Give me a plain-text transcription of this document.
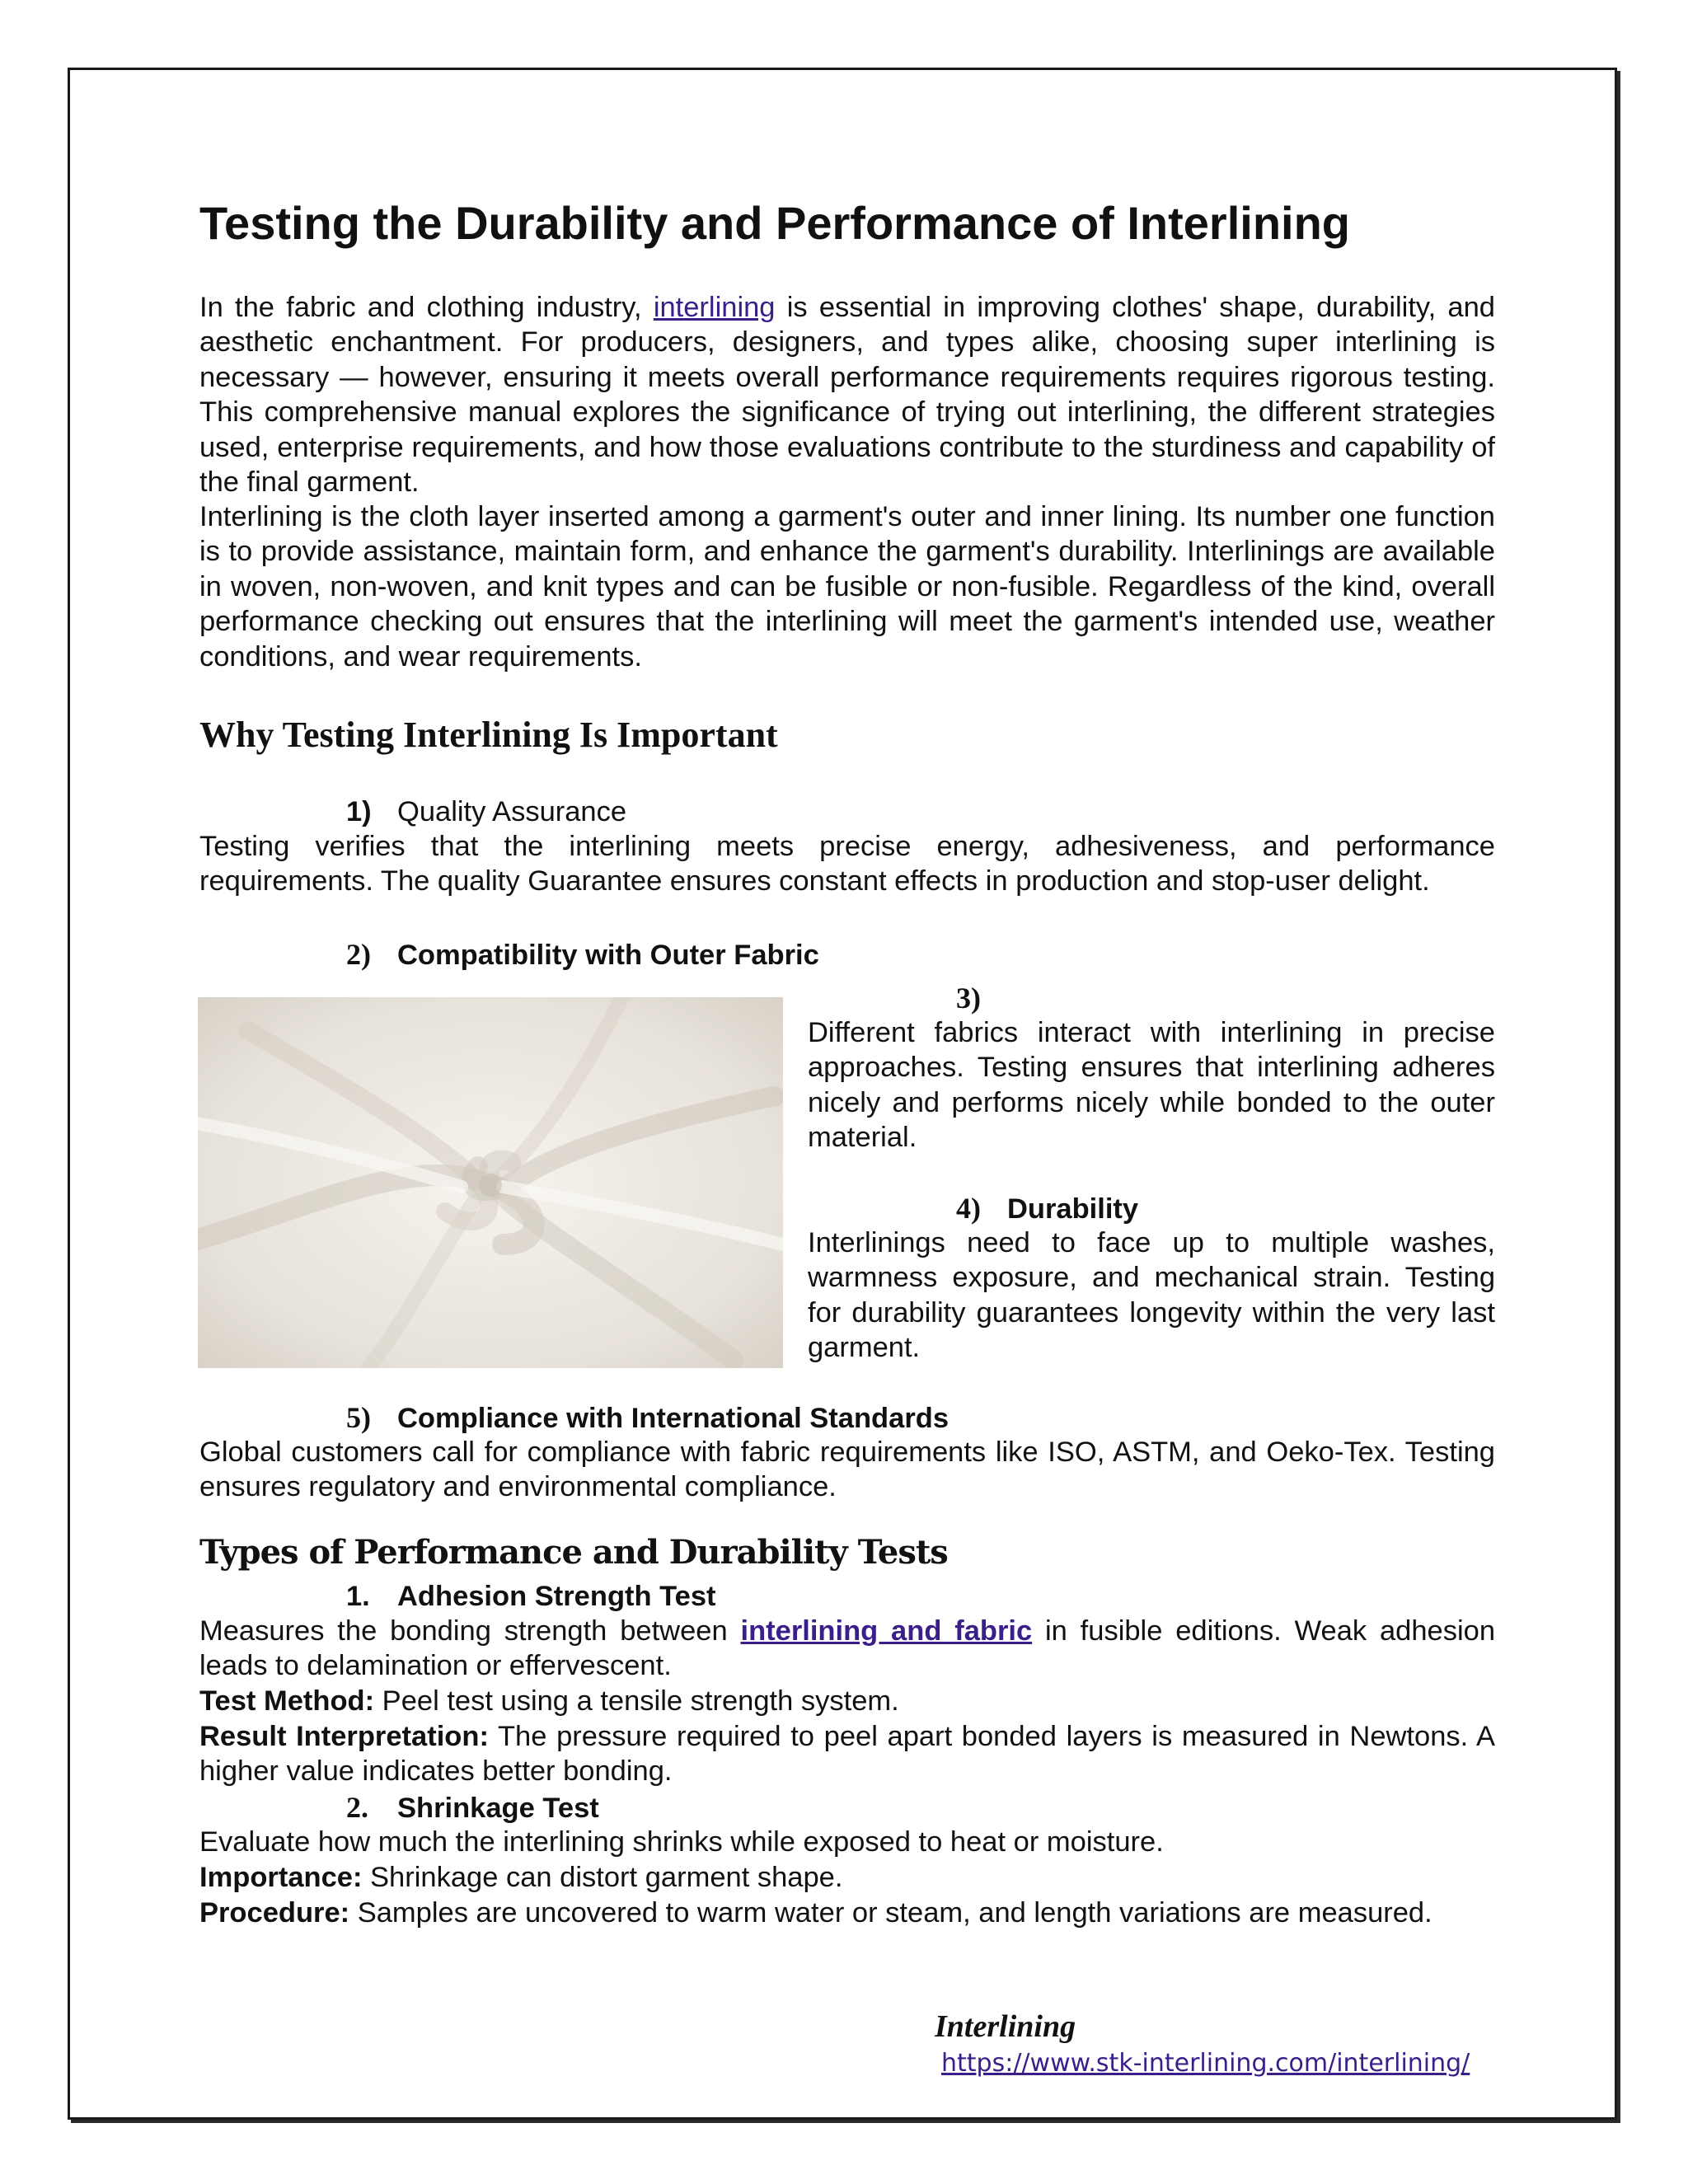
Testing the Durability and Performance of Interlining

In the fabric and clothing industry, interlining is essential in improving clothes' shape, durability, and aesthetic enchantment. For producers, designers, and types alike, choosing super interlining is necessary — however, ensuring it meets overall performance requirements requires rigorous testing. This comprehensive manual explores the significance of trying out interlining, the different strategies used, enterprise requirements, and how those evaluations contribute to the sturdiness and capability of the final garment.

Interlining is the cloth layer inserted among a garment's outer and inner lining. Its number one function is to provide assistance, maintain form, and enhance the garment's durability. Interlinings are available in woven, non-woven, and knit types and can be fusible or non-fusible. Regardless of the kind, overall performance checking out ensures that the interlining will meet the garment's intended use, weather conditions, and wear requirements.

Why Testing Interlining Is Important
1) Quality Assurance

Testing verifies that the interlining meets precise energy, adhesiveness, and performance requirements. The quality Guarantee ensures constant effects in production and stop-user delight.

2) Compatibility with Outer Fabric
3)

Different fabrics interact with interlining in precise approaches. Testing ensures that interlining adheres nicely and performs nicely while bonded to the outer material.

4) Durability

Interlinings need to face up to multiple washes, warmness exposure, and mechanical strain. Testing for durability guarantees longevity within the very last garment.

5) Compliance with International Standards

Global customers call for compliance with fabric requirements like ISO, ASTM, and Oeko-Tex. Testing ensures regulatory and environmental compliance.

Types of Performance and Durability Tests
1. Adhesion Strength Test

Measures the bonding strength between interlining and fabric in fusible editions. Weak adhesion leads to delamination or effervescent.

Test Method: Peel test using a tensile strength system.

Result Interpretation: The pressure required to peel apart bonded layers is measured in Newtons. A higher value indicates better bonding.

2. Shrinkage Test

Evaluate how much the interlining shrinks while exposed to heat or moisture.

Importance: Shrinkage can distort garment shape.

Procedure: Samples are uncovered to warm water or steam, and length variations are measured.

Interlining
https://www.stk-interlining.com/interlining/
